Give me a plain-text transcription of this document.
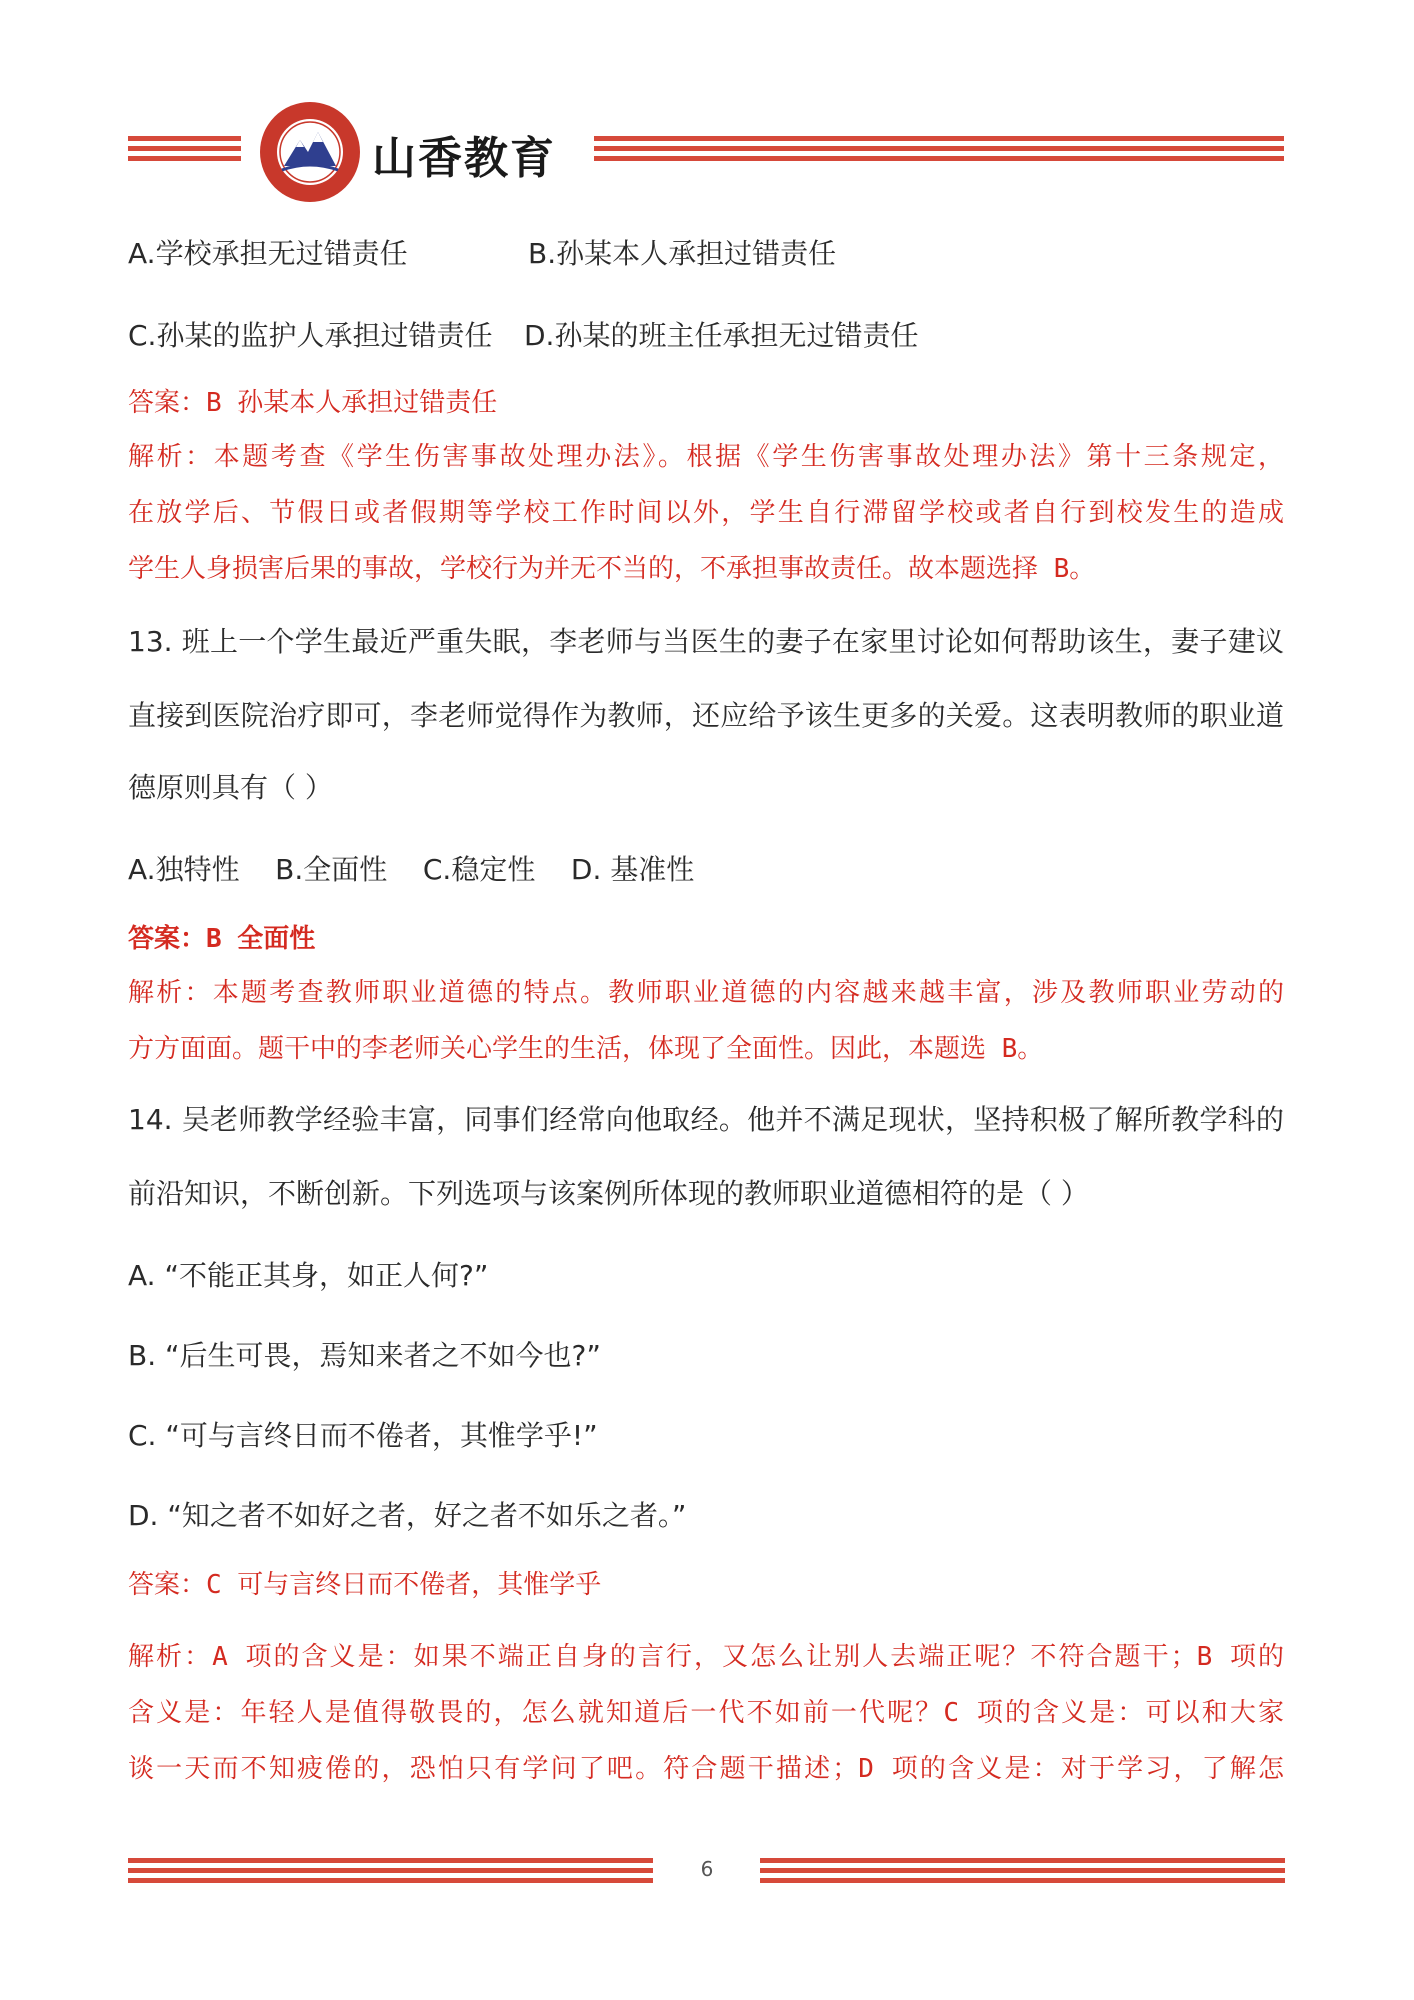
山香教育
A.学校承担无过错责任	B.孙某本人承担过错责任
C.孙某的监护人承担过错责任 D.孙某的班主任承担无过错责任
答案：B 孙某本人承担过错责任
解析：本题考查《学生伤害事故处理办法》。根据《学生伤害事故处理办法》第十三条规定，
在放学后、节假日或者假期等学校工作时间以外，学生自行滞留学校或者自行到校发生的造成
学生人身损害后果的事故，学校行为并无不当的，不承担事故责任。故本题选择 B。
13. 班上一个学生最近严重失眠，李老师与当医生的妻子在家里讨论如何帮助该生，妻子建议
直接到医院治疗即可，李老师觉得作为教师，还应给予该生更多的关爱。这表明教师的职业道
德原则具有（ ）
A.独特性    B.全面性    C.稳定性    D. 基准性
答案：B 全面性
解析：本题考查教师职业道德的特点。教师职业道德的内容越来越丰富，涉及教师职业劳动的
方方面面。题干中的李老师关心学生的生活，体现了全面性。因此，本题选 B。
14. 吴老师教学经验丰富，同事们经常向他取经。他并不满足现状，坚持积极了解所教学科的
前沿知识，不断创新。下列选项与该案例所体现的教师职业道德相符的是（ ）
A. “不能正其身，如正人何?”
B. “后生可畏，焉知来者之不如今也?”
C. “可与言终日而不倦者，其惟学乎!”
D. “知之者不如好之者，好之者不如乐之者。”
答案：C 可与言终日而不倦者，其惟学乎
解析：A 项的含义是：如果不端正自身的言行，又怎么让别人去端正呢？不符合题干；B 项的
含义是：年轻人是值得敬畏的，怎么就知道后一代不如前一代呢？C 项的含义是：可以和大家
谈一天而不知疲倦的，恐怕只有学问了吧。符合题干描述；D 项的含义是：对于学习，了解怎
6
